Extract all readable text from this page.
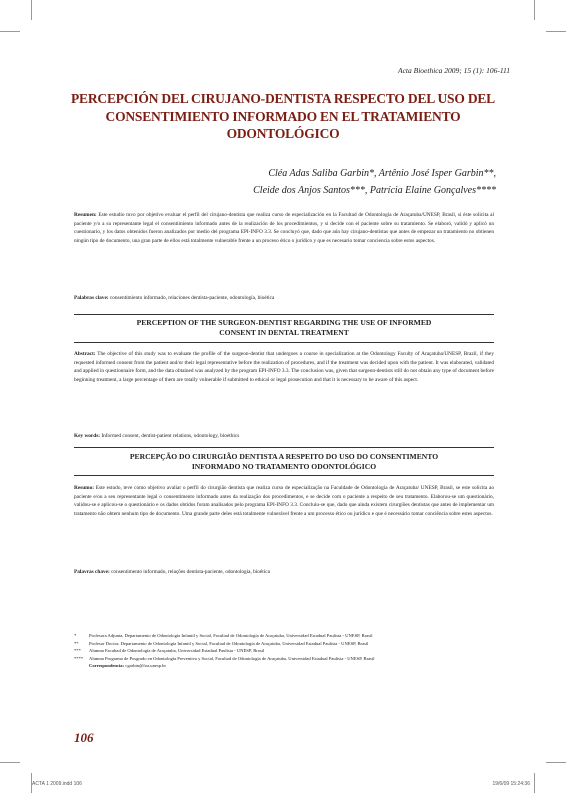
Acta Bioethica 2009; 15 (1): 106-111
PERCEPCIÓN DEL CIRUJANO-DENTISTA RESPECTO DEL USO DEL CONSENTIMIENTO INFORMADO EN EL TRATAMIENTO ODONTOLÓGICO
Cléa Adas Saliba Garbin*, Artênio José Isper Garbin**,
Cleide dos Anjos Santos***, Patrícia Elaine Gonçalves****
Resumen: Este estudio tuvo por objetivo evaluar el perfil del cirujano-dentista que realiza curso de especialización en la Facultad de Odontología de Araçatuba/UNESP, Brasil, si éste solicita al paciente y/o a su representante legal el consentimiento informado antes de la realización de los procedimientos, y si decide con el paciente sobre su tratamiento. Se elaboró, validó y aplicó un cuestionario, y los datos obtenidos fueron analizados por medio del programa EPI-INFO 3.3. Se concluyó que, dado que aún hay cirujano-dentistas que antes de empezar un tratamiento no obtienen ningún tipo de documento, una gran parte de ellos está totalmente vulnerable frente a un proceso ético o jurídico y que es necesario tomar conciencia sobre estos aspectos.
Palabras clave: consentimiento informado, relaciones dentista-paciente, odontología, bioética
PERCEPTION OF THE SURGEON-DENTIST REGARDING THE USE OF INFORMED
CONSENT IN DENTAL TREATMENT
Abstract: The objective of this study was to evaluate the profile of the surgeon-dentist that undergoes a course in specialization at the Odontology Faculty of Araçatuba/UNESP, Brazil, if they requested informed consent from the patient and/or their legal representative before the realization of procedures, and if the treatment was decided upon with the patient. It was elaborated, validated and applied in questionnaire form, and the data obtained was analyzed by the program EPI-INFO 3.3. The conclusion was, given that surgeon-dentists still do not obtain any type of document before beginning treatment, a large percentage of them are totally vulnerable if submitted to ethical or legal prosecution and that it is necessary to be aware of this aspect.
Key words: Informed consent, dentist-patient relations, odontology, bioethics
PERCEPÇÃO DO CIRURGIÃO DENTISTA A RESPEITO DO USO DO CONSENTIMENTO
INFORMADO NO TRATAMENTO ODONTOLÓGICO
Resumo: Este estudo, teve como objetivo avaliar o perfil do cirurgião dentista que realiza curso de especialização na Faculdade de Odontologia de Araçatuba/ UNESP, Brasil, se este solicita ao paciente e/ou a seu representante legal o consentimento informado antes da realização dos procedimentos, e se decide com o paciente a respeito de seu tratamento. Elaborou-se um questionário, validou-se e aplicou-se o questionário e os dados obtidos foram analisados pelo programa EPI-INFO 3.3. Concluiu-se que, dado que ainda existem cirurgiões dentistas que antes de implementar um tratamento não obtem nenhum tipo de documento. Uma grande parte deles está totalmente vulnerável frente a um processo ético ou jurídico e que é necessário tomar conciência sobre estes aspectos.
Palavras chave: consentimento informado, relações dentista-paciente, odontologia, bioética
*	Profesora Adjunta, Departamento de Odontología Infantil y Social, Facultad de Odontología de Araçatuba, Universidad Estadual Paulista - UNESP, Brasil
**	Profesor Doctor, Departamento de Odontología Infantil y Social, Facultad de Odontología de Araçatuba, Universidad Estadual Paulista - UNESP, Brasil
***	Alumna Facultad de Odontología de Araçatuba, Universidad Estadual Paulista - UNESP, Brasil
****	Alumna Programa de Posgrado en Odontología Preventiva y Social, Facultad de Odontología de Araçatuba, Universidad Estadual Paulista - UNESP, Brasil
Correspondencia: cgarbin@foa.unesp.br
106
ACTA 1 2009.indd 106	19/6/09 15:24:36
